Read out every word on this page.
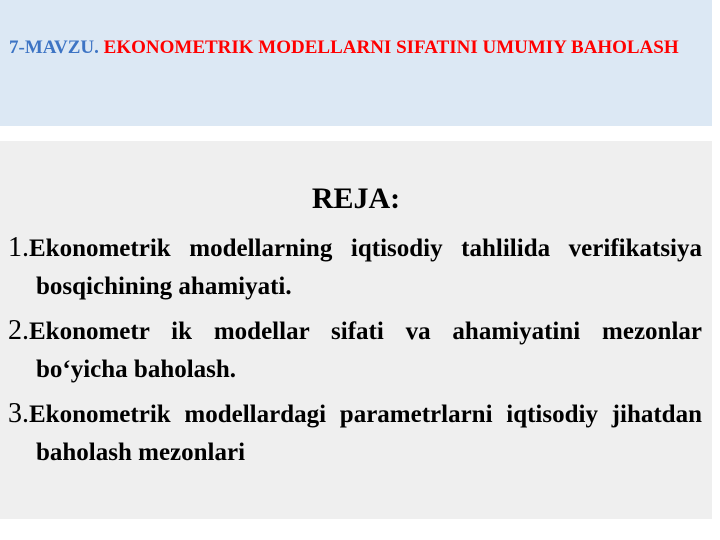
7-MAVZU. EKONOMETRIK MODELLARNI SIFATINI UMUMIY BAHOLASH

REJA:
1.Ekonometrik modellarning iqtisodiy tahlilida verifikatsiya bosqichining ahamiyati.
2.Ekonometr ik modellar sifati va ahamiyatini mezonlar bo‘yicha baholash.
3.Ekonometrik modellardagi parametrlarni iqtisodiy jihatdan baholash mezonlari
